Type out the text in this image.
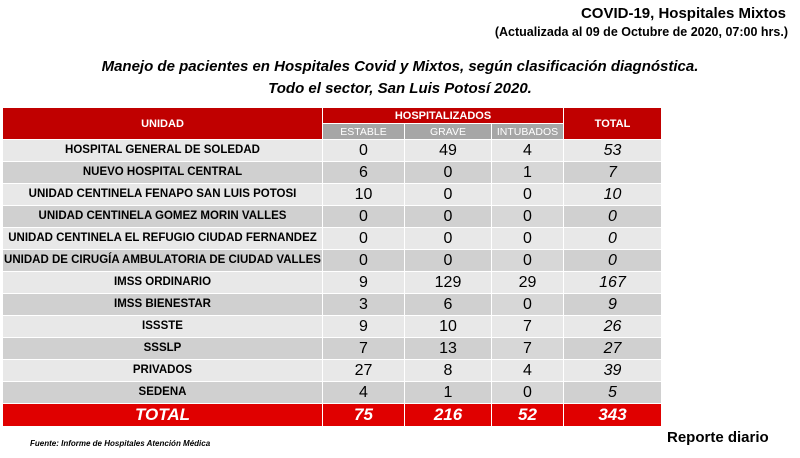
COVID-19, Hospitales Mixtos
(Actualizada al 09 de Octubre de 2020, 07:00 hrs.)
Manejo de pacientes en Hospitales Covid y Mixtos, según clasificación diagnóstica.
Todo el sector, San Luis Potosí 2020.
UNIDAD	HOSPITALIZADOS			TOTAL
	ESTABLE	GRAVE	INTUBADOS	
HOSPITAL GENERAL DE SOLEDAD	0	49	4	53
NUEVO HOSPITAL CENTRAL	6	0	1	7
UNIDAD CENTINELA FENAPO SAN LUIS POTOSI	10	0	0	10
UNIDAD CENTINELA GOMEZ MORIN VALLES	0	0	0	0
UNIDAD CENTINELA EL REFUGIO CIUDAD FERNANDEZ	0	0	0	0
UNIDAD DE CIRUGÍA AMBULATORIA DE CIUDAD VALLES	0	0	0	0
IMSS ORDINARIO	9	129	29	167
IMSS BIENESTAR	3	6	0	9
ISSSTE	9	10	7	26
SSSLP	7	13	7	27
PRIVADOS	27	8	4	39
SEDENA	4	1	0	5
TOTAL	75	216	52	343
Fuente: Informe de Hospitales Atención Médica	Reporte diario
